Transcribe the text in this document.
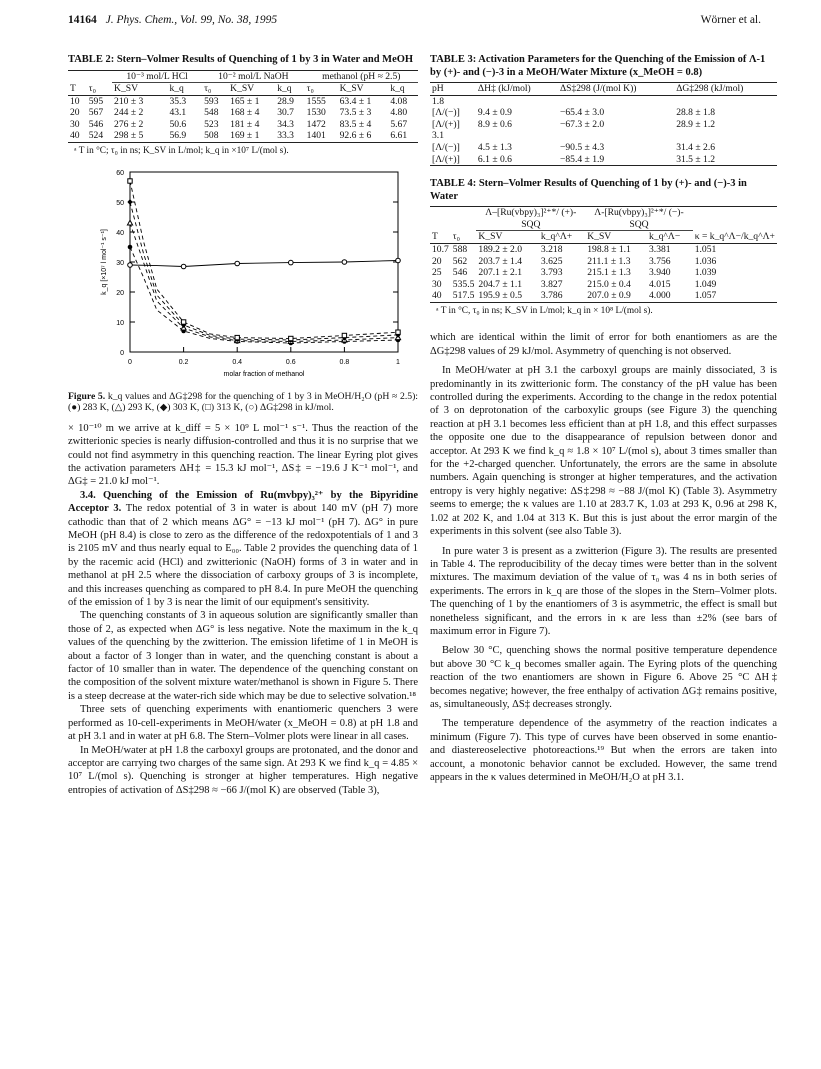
14164 J. Phys. Chem., Vol. 99, No. 38, 1995	Wörner et al.
TABLE 2: Stern–Volmer Results of Quenching of 1 by 3 in Water and MeOH
		10⁻³ mol/L HCl		10⁻² mol/L NaOH			methanol (pH ≈ 2.5)		
T	τ₀	K_SV	k_q	τ₀	K_SV	k_q	τ₀	K_SV	k_q
10	595	210 ± 3	35.3	593	165 ± 1	28.9	1555	63.4 ± 1	4.08
20	567	244 ± 2	43.1	548	168 ± 4	30.7	1530	73.5 ± 3	4.80
30	546	276 ± 2	50.6	523	181 ± 4	34.3	1472	83.5 ± 4	5.67
40	524	298 ± 5	56.9	508	169 ± 1	33.3	1401	92.6 ± 6	6.61
ᵃ T in °C; τ₀ in ns; K_SV in L/mol; k_q in ×10⁷ L/(mol s).
0
10
20
30
40
50
60
0	0.2	0.4	0.6	0.8	1
molar fraction of methanol
k_q [×10⁷ l mol⁻¹ s⁻¹]
Figure 5. k_q values and ΔG‡298 for the quenching of 1 by 3 in MeOH/H₂O (pH ≈ 2.5): (●) 283 K, (△) 293 K, (◆) 303 K, (□) 313 K, (○) ΔG‡298 in kJ/mol.

× 10⁻¹⁰ m we arrive at k_diff = 5 × 10⁹ L mol⁻¹ s⁻¹. Thus the reaction of the zwitterionic species is nearly diffusion-controlled and thus it is no surprise that we could not find asymmetry in this quenching reaction. The linear Eyring plot gives the activation parameters ΔH‡ = 15.3 kJ mol⁻¹, ΔS‡ = −19.6 J K⁻¹ mol⁻¹, and ΔG‡ = 21.0 kJ mol⁻¹.

3.4. Quenching of the Emission of Ru(mvbpy)₃²⁺ by the Bipyridine Acceptor 3. The redox potential of 3 in water is about 140 mV (pH 7) more cathodic than that of 2 which means ΔG° = −13 kJ mol⁻¹ (pH 7). ΔG° in pure MeOH (pH 8.4) is close to zero as the difference of the redoxpotentials of 1 and 3 is 2105 mV and thus nearly equal to E₀₀. Table 2 provides the quenching data of 1 by the racemic acid (HCl) and zwitterionic (NaOH) forms of 3 in water and in methanol at pH 2.5 where the dissociation of carboxy groups of 3 is incomplete, and this increases quenching as compared to pH 8.4. In pure MeOH the quenching of the emission of 1 by 3 is near the limit of our equipment's sensitivity.

The quenching constants of 3 in aqueous solution are significantly smaller than those of 2, as expected when ΔG° is less negative. Note the maximum in the k_q values of the quenching by the zwitterion. The emission lifetime of 1 in MeOH is about a factor of 3 longer than in water, and the quenching constant is about a factor of 10 smaller than in water. The dependence of the quenching constant on the composition of the solvent mixture water/methanol is shown in Figure 5. There is a steep decrease at the water-rich side which may be due to selective solvation.¹⁸

Three sets of quenching experiments with enantiomeric quenchers 3 were performed as 10-cell-experiments in MeOH/water (x_MeOH = 0.8) at pH 1.8 and at pH 3.1 and in water at pH 6.8. The Stern–Volmer plots were linear in all cases.

In MeOH/water at pH 1.8 the carboxyl groups are protonated, and the donor and acceptor are carrying two charges of the same sign. At 293 K we find k_q = 4.85 × 10⁷ L/(mol s). Quenching is stronger at higher temperatures. High negative entropies of activation of ΔS‡298 ≈ −66 J/(mol K) are observed (Table 3),

TABLE 3: Activation Parameters for the Quenching of the Emission of Λ-1 by (+)- and (−)-3 in a MeOH/Water Mixture (x_MeOH = 0.8)
pH	ΔH‡ (kJ/mol)	ΔS‡298 (J/(mol K))	ΔG‡298 (kJ/mol)
1.8			
[Λ/(−)]	9.4 ± 0.9	−65.4 ± 3.0	28.8 ± 1.8
[Λ/(+)]	8.9 ± 0.6	−67.3 ± 2.0	28.9 ± 1.2
3.1			
[Λ/(−)]	4.5 ± 1.3	−90.5 ± 4.3	31.4 ± 2.6
[Λ/(+)]	6.1 ± 0.6	−85.4 ± 1.9	31.5 ± 1.2
TABLE 4: Stern–Volmer Results of Quenching of 1 by (+)- and (−)-3 in Water
		Λ–[Ru(vbpy)₃]²⁺*/ (+)-SQQ		Λ-[Ru(vbpy)₃]²⁺*/ (−)-SQQ		
T	τ₀	K_SV	k_q^Λ+	K_SV	k_q^Λ−	κ = k_q^Λ−/k_q^Λ+
10.7	588	189.2 ± 2.0	3.218	198.8 ± 1.1	3.381	1.051
20	562	203.7 ± 1.4	3.625	211.1 ± 1.3	3.756	1.036
25	546	207.1 ± 2.1	3.793	215.1 ± 1.3	3.940	1.039
30	535.5	204.7 ± 1.1	3.827	215.0 ± 0.4	4.015	1.049
40	517.5	195.9 ± 0.5	3.786	207.0 ± 0.9	4.000	1.057
ᵃ T in °C, τ₀ in ns; K_SV in L/mol; k_q in × 10⁸ L/(mol s).

which are identical within the limit of error for both enantiomers as are the ΔG‡298 values of 29 kJ/mol. Asymmetry of quenching is not observed.

In MeOH/water at pH 3.1 the carboxyl groups are mainly dissociated, 3 is predominantly in its zwitterionic form. The constancy of the pH value has been controlled during the experiments. According to the change in the redox potential of 3 on deprotonation of the carboxylic groups (see Figure 3) the quenching reaction at pH 3.1 becomes less efficient than at pH 1.8, and this effect surpasses the opposite one due to the disappearance of repulsion between donor and acceptor. At 293 K we find k_q ≈ 1.8 × 10⁷ L/(mol s), about 3 times smaller than for the +2-charged quencher. Unfortunately, the errors are the same in absolute numbers. Again quenching is stronger at higher temperatures, and the activation entropy is very highly negative: ΔS‡298 ≈ −88 J/(mol K) (Table 3). Asymmetry seems to emerge; the κ values are 1.10 at 283.7 K, 1.03 at 293 K, 0.96 at 298 K, 1.02 at 202 K, and 1.04 at 313 K. But this is just about the error margin of the experiments in this solvent (see also Table 3).

In pure water 3 is present as a zwitterion (Figure 3). The results are presented in Table 4. The reproducibility of the decay times were better than in the solvent mixtures. The maximum deviation of the value of τ₀ was 4 ns in both series of experiments. The errors in k_q are those of the slopes in the Stern–Volmer plots. The quenching of 1 by the enantiomers of 3 is asymmetric, the effect is small but nonetheless significant, and the errors in κ are less than ±2% (see bars of maximum error in Figure 7).

Below 30 °C, quenching shows the normal positive temperature dependence but above 30 °C k_q becomes smaller again. The Eyring plots of the quenching reaction of the two enantiomers are shown in Figure 6. Above 25 °C ΔH‡ becomes negative; however, the free enthalpy of activation ΔG‡ remains positive, as, simultaneously, ΔS‡ decreases strongly.

The temperature dependence of the asymmetry of the reaction indicates a minimum (Figure 7). This type of curves have been observed in some enantio- and diastereoselective photoreactions.¹⁹ But when the errors are taken into account, a monotonic behavior cannot be excluded. However, the same trend appears in the κ values determined in MeOH/H₂O at pH 3.1.
